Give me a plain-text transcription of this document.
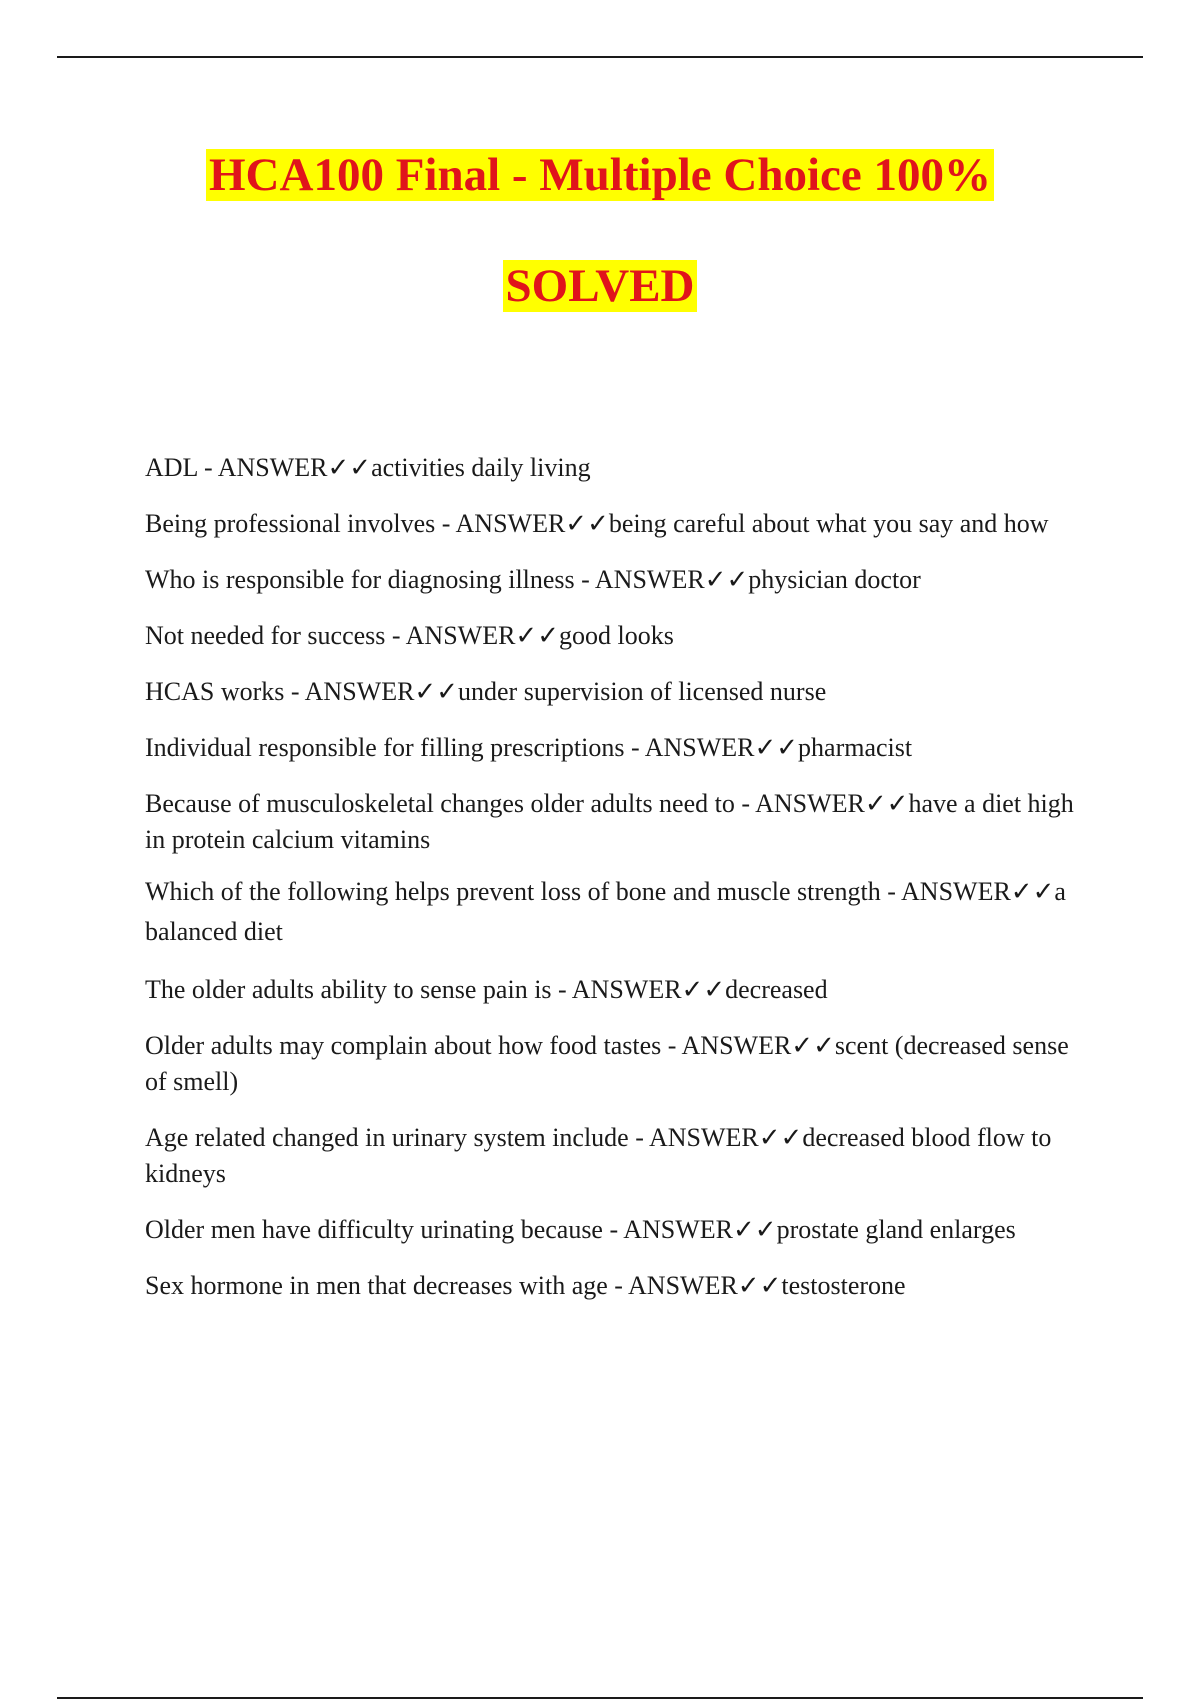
HCA100 Final - Multiple Choice 100%
SOLVED
ADL - ANSWER✓✓activities daily living
Being professional involves - ANSWER✓✓being careful about what you say and how
Who is responsible for diagnosing illness - ANSWER✓✓physician doctor
Not needed for success - ANSWER✓✓good looks
HCAS works - ANSWER✓✓under supervision of licensed nurse
Individual responsible for filling prescriptions - ANSWER✓✓pharmacist
Because of musculoskeletal changes older adults need to - ANSWER✓✓have a diet high in protein calcium vitamins
Which of the following helps prevent loss of bone and muscle strength - ANSWER✓✓a balanced diet
The older adults ability to sense pain is - ANSWER✓✓decreased
Older adults may complain about how food tastes - ANSWER✓✓scent (decreased sense of smell)
Age related changed in urinary system include - ANSWER✓✓decreased blood flow to kidneys
Older men have difficulty urinating because - ANSWER✓✓prostate gland enlarges
Sex hormone in men that decreases with age - ANSWER✓✓testosterone
